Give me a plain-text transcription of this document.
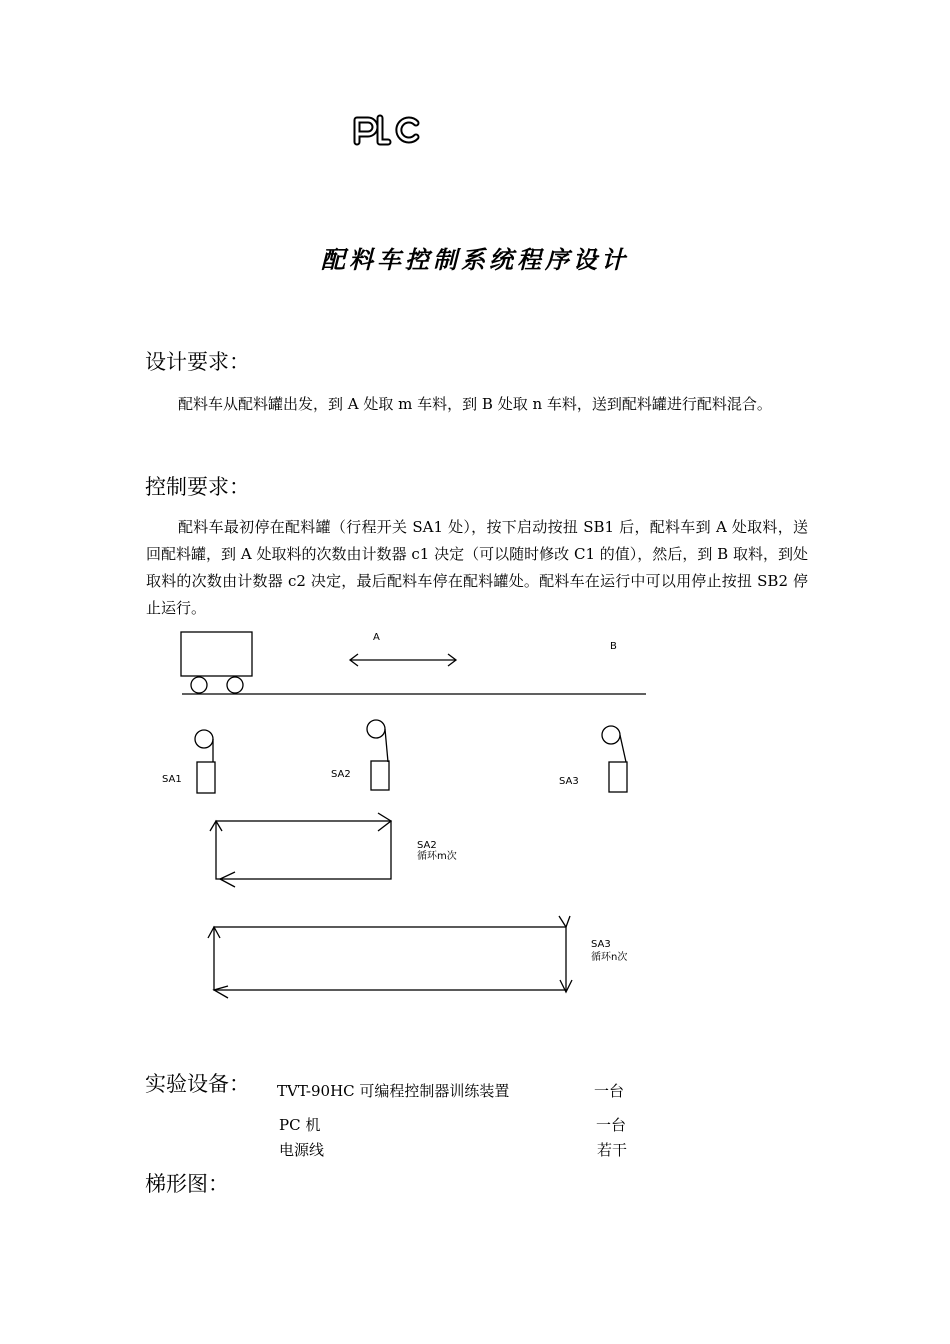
配料车控制系统程序设计
设计要求：
配料车从配料罐出发，到 A 处取 m 车料，到 B 处取 n 车料，送到配料罐进行配料混合。
控制要求：
配料车最初停在配料罐（行程开关 SA1 处），按下启动按扭 SB1 后，配料车到 A 处取料，送回配料罐，到 A 处取料的次数由计数器 c1 决定（可以随时修改 C1 的值），然后，到 B 取料，到处取料的次数由计数器 c2 决定，最后配料车停在配料罐处。配料车在运行中可以用停止按扭 SB2 停止运行。
A
B
SA1	SA2
SA3
SA2
循环m次
SA3
循环n次
实验设备： TVT-90HC 可编程控制器训练装置	一台
PC 机	一台
电源线	若干
梯形图：
